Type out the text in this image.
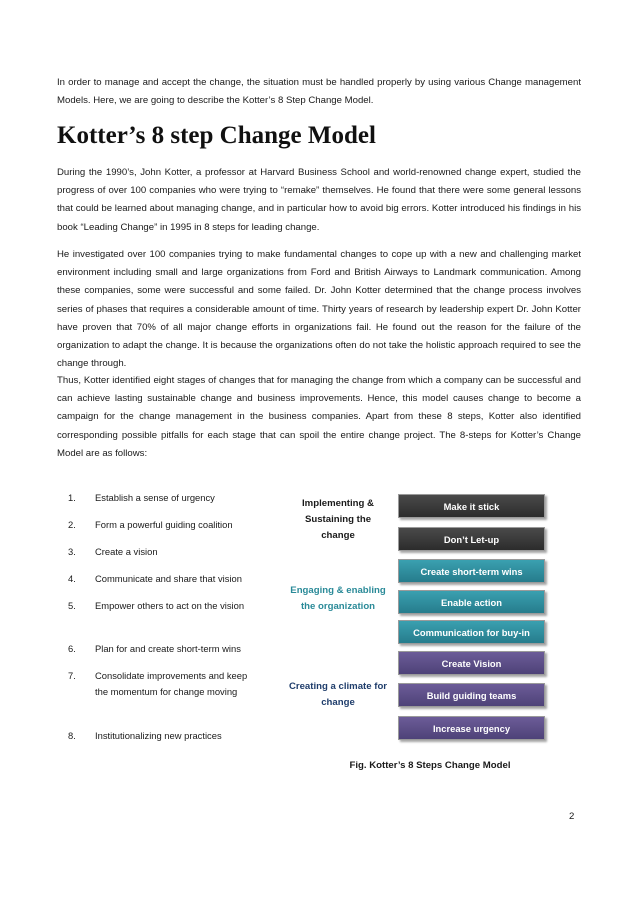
In order to manage and accept the change, the situation must be handled properly by using various Change management Models. Here, we are going to describe the Kotter’s 8 Step Change Model.

Kotter’s 8 step Change Model

During the 1990’s, John Kotter, a professor at Harvard Business School and world-renowned change expert, studied the progress of over 100 companies who were trying to “remake” themselves. He found that there were some general lessons that could be learned about managing change, and in particular how to avoid big errors. Kotter introduced his findings in his book “Leading Change” in 1995 in 8 steps for leading change.

He investigated over 100 companies trying to make fundamental changes to cope up with a new and challenging market environment including small and large organizations from Ford and British Airways to Landmark communication. Among these companies, some were successful and some failed. Dr. John Kotter determined that the change process involves series of phases that requires a considerable amount of time. Thirty years of research by leadership expert Dr. John Kotter have proven that 70% of all major change efforts in organizations fail. He found out the reason for the failure of the organization to adapt the change. It is because the organizations often do not take the holistic approach required to see the change through.

Thus, Kotter identified eight stages of changes that for managing the change from which a company can be successful and can achieve lasting sustainable change and business improvements. Hence, this model causes change to become a campaign for the change management in the business companies. Apart from these 8 steps, Kotter also identified corresponding possible pitfalls for each stage that can spoil the entire change project. The 8-steps for Kotter’s Change Model are as follows:

1. Establish a sense of urgency
2. Form a powerful guiding coalition
3. Create a vision
4. Communicate and share that vision
5. Empower others to act on the vision
6. Plan for and create short-term wins
7. Consolidate improvements and keep the momentum for change moving
8. Institutionalizing new practices
Implementing & Sustaining the change
Engaging & enabling the organization
Creating a climate for change
Make it stick
Don’t Let-up
Create short-term wins
Enable action
Communication for buy-in
Create Vision
Build guiding teams
Increase urgency
Fig. Kotter’s 8 Steps Change Model
2
